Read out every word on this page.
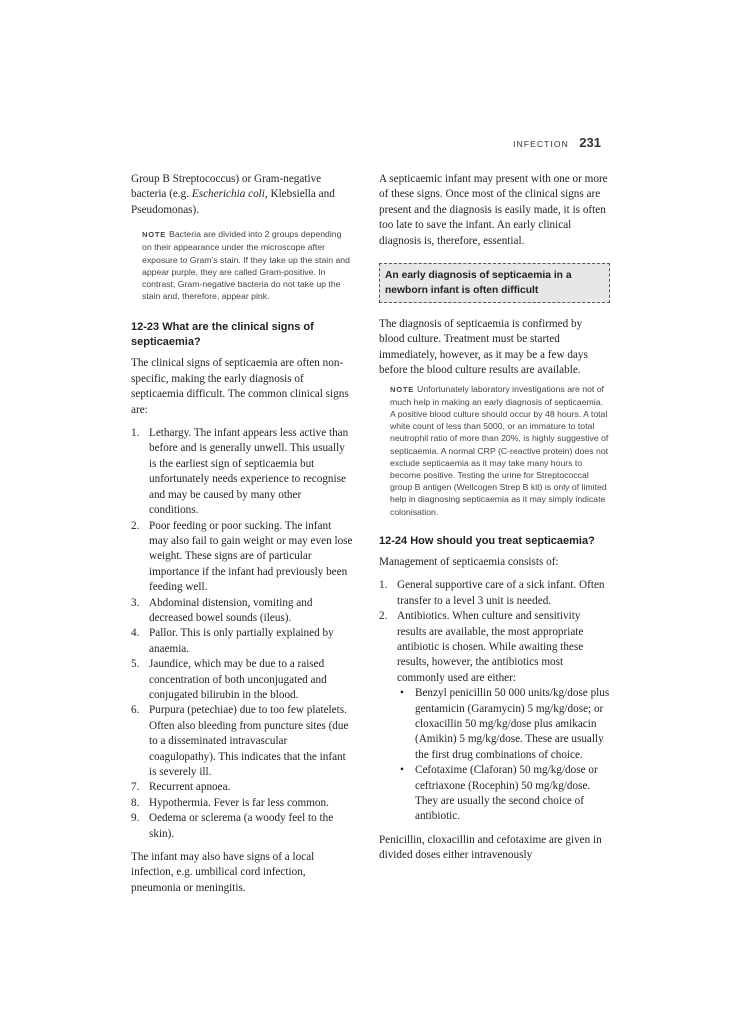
INFECTION 231

Group B Streptococcus) or Gram-negative bacteria (e.g. Escherichia coli, Klebsiella and Pseudomonas).

NOTE Bacteria are divided into 2 groups depending on their appearance under the microscope after exposure to Gram’s stain. If they take up the stain and appear purple, they are called Gram-positive. In contrast, Gram-negative bacteria do not take up the stain and, therefore, appear pink.
12-23 What are the clinical signs of septicaemia?

The clinical signs of septicaemia are often non-specific, making the early diagnosis of septicaemia difficult. The common clinical signs are:

1. Lethargy. The infant appears less active than before and is generally unwell. This usually is the earliest sign of septicaemia but unfortunately needs experience to recognise and may be caused by many other conditions.
2. Poor feeding or poor sucking. The infant may also fail to gain weight or may even lose weight. These signs are of particular importance if the infant had previously been feeding well.
3. Abdominal distension, vomiting and decreased bowel sounds (ileus).
4. Pallor. This is only partially explained by anaemia.
5. Jaundice, which may be due to a raised concentration of both unconjugated and conjugated bilirubin in the blood.
6. Purpura (petechiae) due to too few platelets. Often also bleeding from puncture sites (due to a disseminated intravascular coagulopathy). This indicates that the infant is severely ill.
7. Recurrent apnoea.
8. Hypothermia. Fever is far less common.
9. Oedema or sclerema (a woody feel to the skin).

The infant may also have signs of a local infection, e.g. umbilical cord infection, pneumonia or meningitis.

A septicaemic infant may present with one or more of these signs. Once most of the clinical signs are present and the diagnosis is easily made, it is often too late to save the infant. An early clinical diagnosis is, therefore, essential.

An early diagnosis of septicaemia in a newborn infant is often difficult

The diagnosis of septicaemia is confirmed by blood culture. Treatment must be started immediately, however, as it may be a few days before the blood culture results are available.

NOTE Unfortunately laboratory investigations are not of much help in making an early diagnosis of septicaemia. A positive blood culture should occur by 48 hours. A total white count of less than 5000, or an immature to total neutrophil ratio of more than 20%, is highly suggestive of septicaemia. A normal CRP (C-reactive protein) does not exclude septicaemia as it may take many hours to become positive. Testing the urine for Streptococcal group B antigen (Wellcogen Strep B kit) is only of limited help in diagnosing septicaemia as it may simply indicate colonisation.
12-24 How should you treat septicaemia?

Management of septicaemia consists of:

1. General supportive care of a sick infant. Often transfer to a level 3 unit is needed.
2. Antibiotics. When culture and sensitivity results are available, the most appropriate antibiotic is chosen. While awaiting these results, however, the antibiotics most commonly used are either:
• Benzyl penicillin 50 000 units/kg/dose plus gentamicin (Garamycin) 5 mg/kg/dose; or cloxacillin 50 mg/kg/dose plus amikacin (Amikin) 5 mg/kg/dose. These are usually the first drug combinations of choice.
• Cefotaxime (Claforan) 50 mg/kg/dose or ceftriaxone (Rocephin) 50 mg/kg/dose. They are usually the second choice of antibiotic.

Penicillin, cloxacillin and cefotaxime are given in divided doses either intravenously
